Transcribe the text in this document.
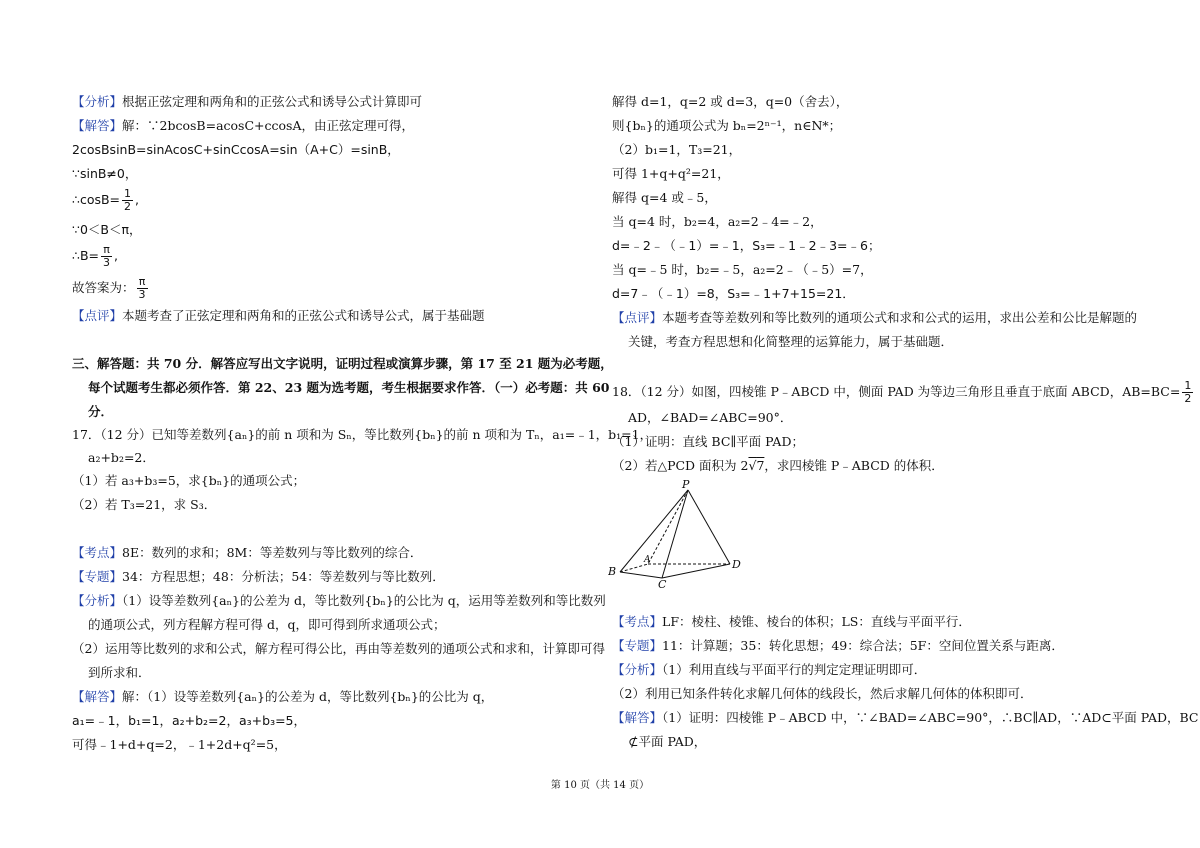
【分析】根据正弦定理和两角和的正弦公式和诱导公式计算即可
【解答】解：∵2bcosB=acosC+ccosA，由正弦定理可得，
2cosBsinB=sinAcosC+sinCcosA=sin（A+C）=sinB，
∵sinB≠0，
∴cosB= $\frac{1}{2}$ ,
∵0＜B＜π，
∴B= $\frac{\pi}{3}$ ,
故答案为： $\frac{\pi}{3}$
【点评】本题考查了正弦定理和两角和的正弦公式和诱导公式，属于基础题
三、解答题：共 70 分．解答应写出文字说明，证明过程或演算步骤，第 17 至 21 题为必考题，
每个试题考生都必须作答．第 22、23 题为选考题，考生根据要求作答．（一）必考题：共 60
分．
17．（12 分）已知等差数列{aₙ}的前 n 项和为 Sₙ，等比数列{bₙ}的前 n 项和为 Tₙ，a₁=﹣1，b₁=1，
a₂+b₂=2．
（1）若 a₃+b₃=5，求{bₙ}的通项公式；
（2）若 T₃=21，求 S₃．
【考点】8E：数列的求和；8M：等差数列与等比数列的综合．
【专题】34：方程思想；48：分析法；54：等差数列与等比数列．
【分析】（1）设等差数列{aₙ}的公差为 d，等比数列{bₙ}的公比为 q，运用等差数列和等比数列
的通项公式，列方程解方程可得 d，q，即可得到所求通项公式；
（2）运用等比数列的求和公式，解方程可得公比，再由等差数列的通项公式和求和，计算即可得
到所求和．
【解答】解：（1）设等差数列{aₙ}的公差为 d，等比数列{bₙ}的公比为 q，
a₁=﹣1，b₁=1，a₂+b₂=2，a₃+b₃=5，
可得﹣1+d+q=2，﹣1+2d+q²=5，
解得 d=1，q=2 或 d=3，q=0（舍去），
则{bₙ}的通项公式为 bₙ=2ⁿ⁻¹，n∈N*；
（2）b₁=1，T₃=21，
可得 1+q+q²=21，
解得 q=4 或﹣5，
当 q=4 时，b₂=4，a₂=2﹣4=﹣2，
d=﹣2﹣（﹣1）=﹣1，S₃=﹣1﹣2﹣3=﹣6；
当 q=﹣5 时，b₂=﹣5，a₂=2﹣（﹣5）=7，
d=7﹣（﹣1）=8，S₃=﹣1+7+15=21．
【点评】本题考查等差数列和等比数列的通项公式和求和公式的运用，求出公差和公比是解题的
关键，考查方程思想和化简整理的运算能力，属于基础题．
18．（12 分）如图，四棱锥 P﹣ABCD 中，侧面 PAD 为等边三角形且垂直于底面 ABCD，$AB=BC= \frac{1}{2}$
AD，∠BAD=∠ABC=90°．
（1）证明：直线 BC∥平面 PAD；
（2）若△PCD 面积为 2√7，求四棱锥 P﹣ABCD 的体积．
【考点】LF：棱柱、棱锥、棱台的体积；LS：直线与平面平行．
【专题】11：计算题；35：转化思想；49：综合法；5F：空间位置关系与距离．
【分析】（1）利用直线与平面平行的判定定理证明即可．
（2）利用已知条件转化求解几何体的线段长，然后求解几何体的体积即可．
【解答】（1）证明：四棱锥 P﹣ABCD 中，∵∠BAD=∠ABC=90°，∴BC∥AD，∵AD⊂平面 PAD，BC
⊄平面 PAD，
P
A
B
C
D
第 10 页（共 14 页）
